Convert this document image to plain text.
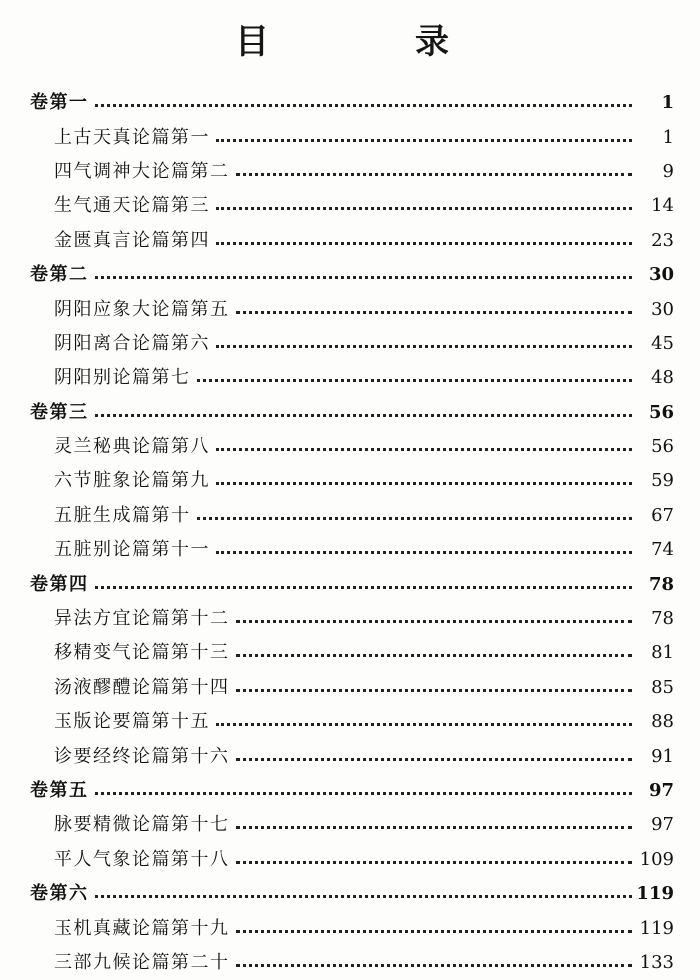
目　录
卷第一	1
上古天真论篇第一	1
四气调神大论篇第二	9
生气通天论篇第三	14
金匮真言论篇第四	23
卷第二	30
阴阳应象大论篇第五	30
阴阳离合论篇第六	45
阴阳别论篇第七	48
卷第三	56
灵兰秘典论篇第八	56
六节脏象论篇第九	59
五脏生成篇第十	67
五脏别论篇第十一	74
卷第四	78
异法方宜论篇第十二	78
移精变气论篇第十三	81
汤液醪醴论篇第十四	85
玉版论要篇第十五	88
诊要经终论篇第十六	91
卷第五	97
脉要精微论篇第十七	97
平人气象论篇第十八	109
卷第六	119
玉机真藏论篇第十九	119
三部九候论篇第二十	133
